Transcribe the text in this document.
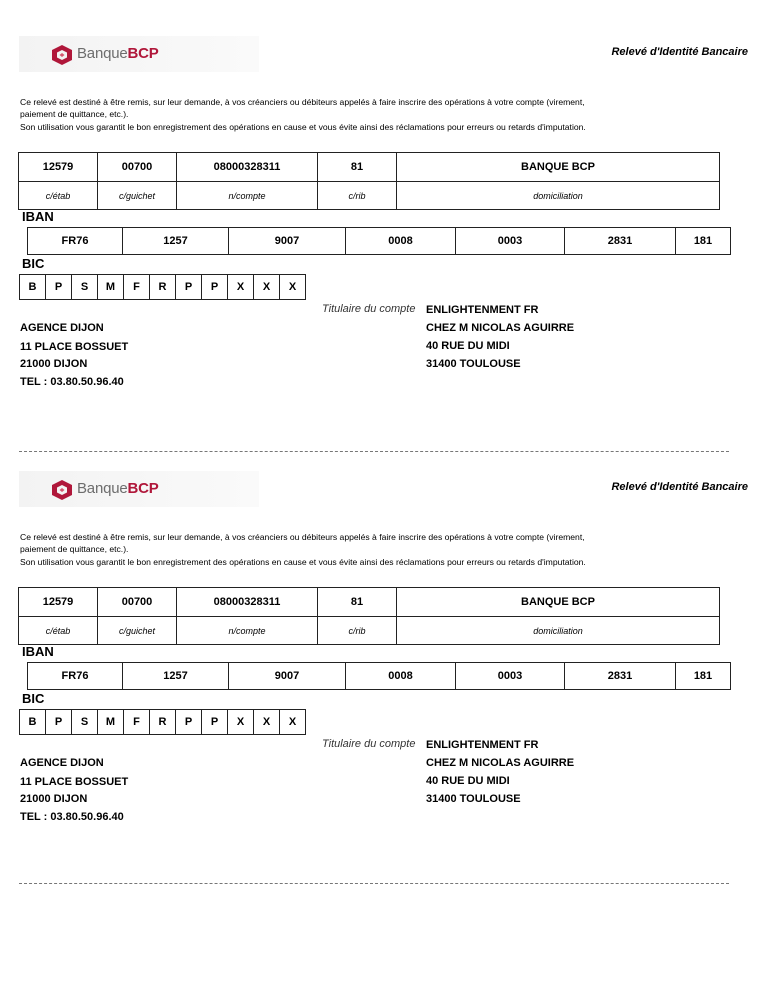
BanqueBCP	Relevé d'Identité Bancaire

Ce relevé est destiné à être remis, sur leur demande, à vos créanciers ou débiteurs appelés à faire inscrire des opérations à votre compte (virement,

paiement de quittance, etc.).

Son utilisation vous garantit le bon enregistrement des opérations en cause et vous évite ainsi des réclamations pour erreurs ou retards d'imputation.

12579	00700	08000328311	81	BANQUE BCP
c/étab	c/guichet	n/compte	c/rib	domiciliation
IBAN
FR76	1257	9007	0008	0003	2831	181
BIC
B	P	S	M	F	R	P	P	X	X	X
Titulaire du compte ENLIGHTENMENT FR
CHEZ M NICOLAS AGUIRRE
40 RUE DU MIDI
31400 TOULOUSE
AGENCE DIJON
11 PLACE BOSSUET
21000 DIJON
TEL : 03.80.50.96.40
BanqueBCP	Relevé d'Identité Bancaire

Ce relevé est destiné à être remis, sur leur demande, à vos créanciers ou débiteurs appelés à faire inscrire des opérations à votre compte (virement,

paiement de quittance, etc.).

Son utilisation vous garantit le bon enregistrement des opérations en cause et vous évite ainsi des réclamations pour erreurs ou retards d'imputation.

12579	00700	08000328311	81	BANQUE BCP
c/étab	c/guichet	n/compte	c/rib	domiciliation
IBAN
FR76	1257	9007	0008	0003	2831	181
BIC
B	P	S	M	F	R	P	P	X	X	X
Titulaire du compte ENLIGHTENMENT FR
CHEZ M NICOLAS AGUIRRE
40 RUE DU MIDI
31400 TOULOUSE
AGENCE DIJON
11 PLACE BOSSUET
21000 DIJON
TEL : 03.80.50.96.40
